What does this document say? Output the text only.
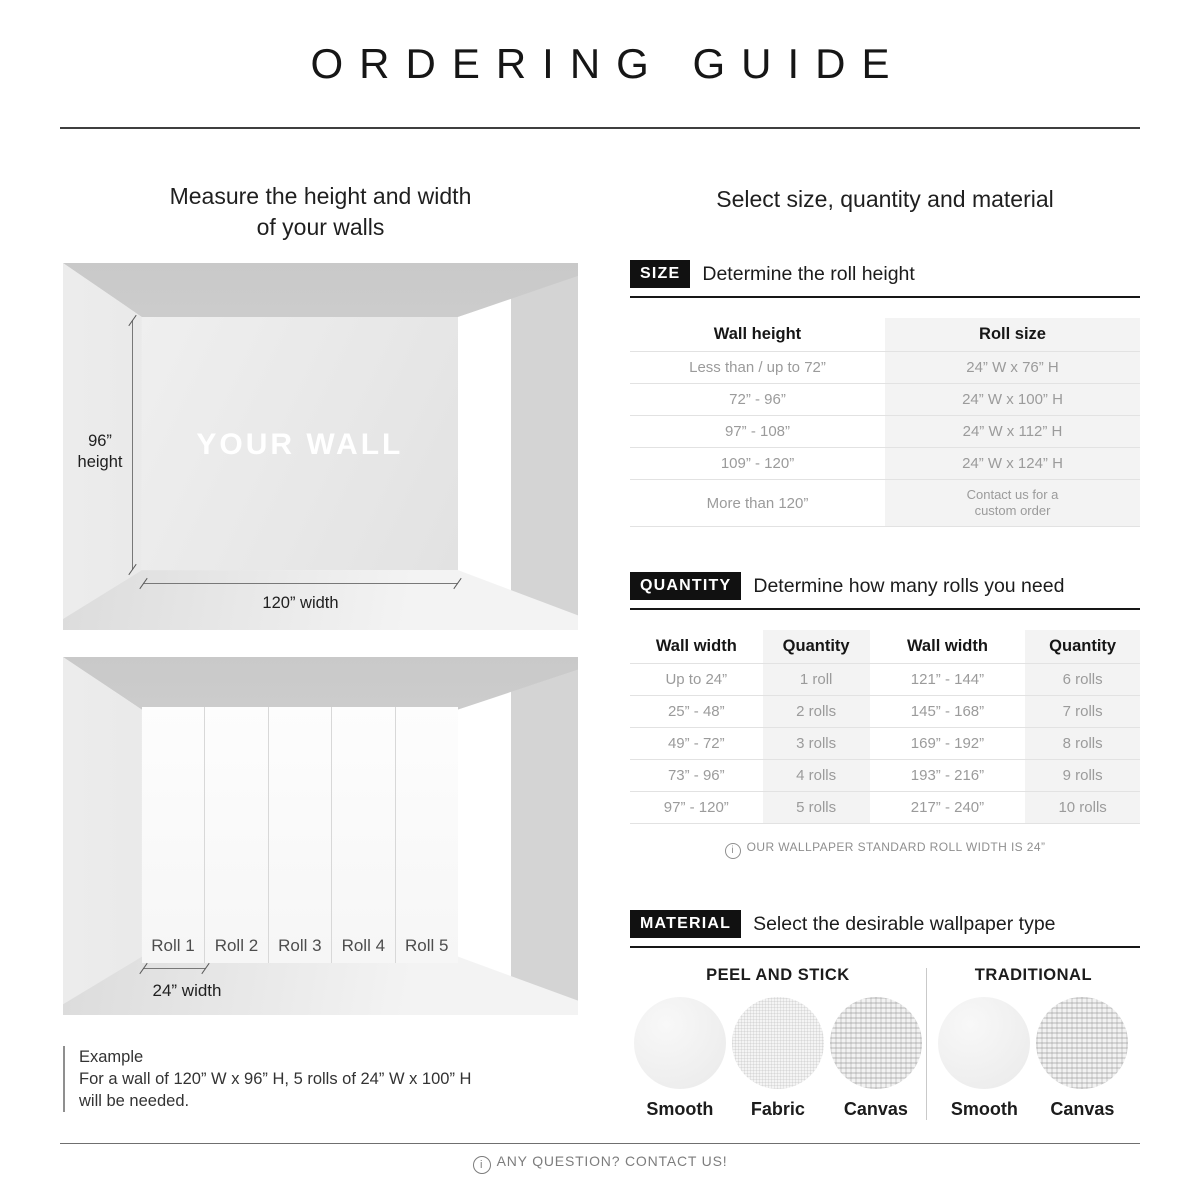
ORDERING GUIDE
Measure the height and width
of your walls
YOUR WALL
96”
height
120” width
Roll 1	Roll 2	Roll 3	Roll 4	Roll 5
24” width
Example
For a wall of 120” W x 96” H, 5 rolls of 24” W x 100” H
will be needed.
Select size, quantity and material
SIZE	Determine the roll height
Wall height	Roll size
Less than / up to 72”	24” W x 76” H
72” - 96”	24” W x 100” H
97” - 108”	24” W x 112” H
109” - 120”	24” W x 124” H
More than 120”	Contact us for a custom order
QUANTITY	Determine how many rolls you need
Wall width	Quantity	Wall width	Quantity
Up to 24”	1 roll	121” - 144”	6 rolls
25” - 48”	2 rolls	145” - 168”	7 rolls
49” - 72”	3 rolls	169” - 192”	8 rolls
73” - 96”	4 rolls	193” - 216”	9 rolls
97” - 120”	5 rolls	217” - 240”	10 rolls
iOUR WALLPAPER STANDARD ROLL WIDTH IS 24”
MATERIAL	Select the desirable wallpaper type
PEEL AND STICK
Smooth	Fabric	Canvas
TRADITIONAL
Smooth	Canvas
iANY QUESTION? CONTACT US!
